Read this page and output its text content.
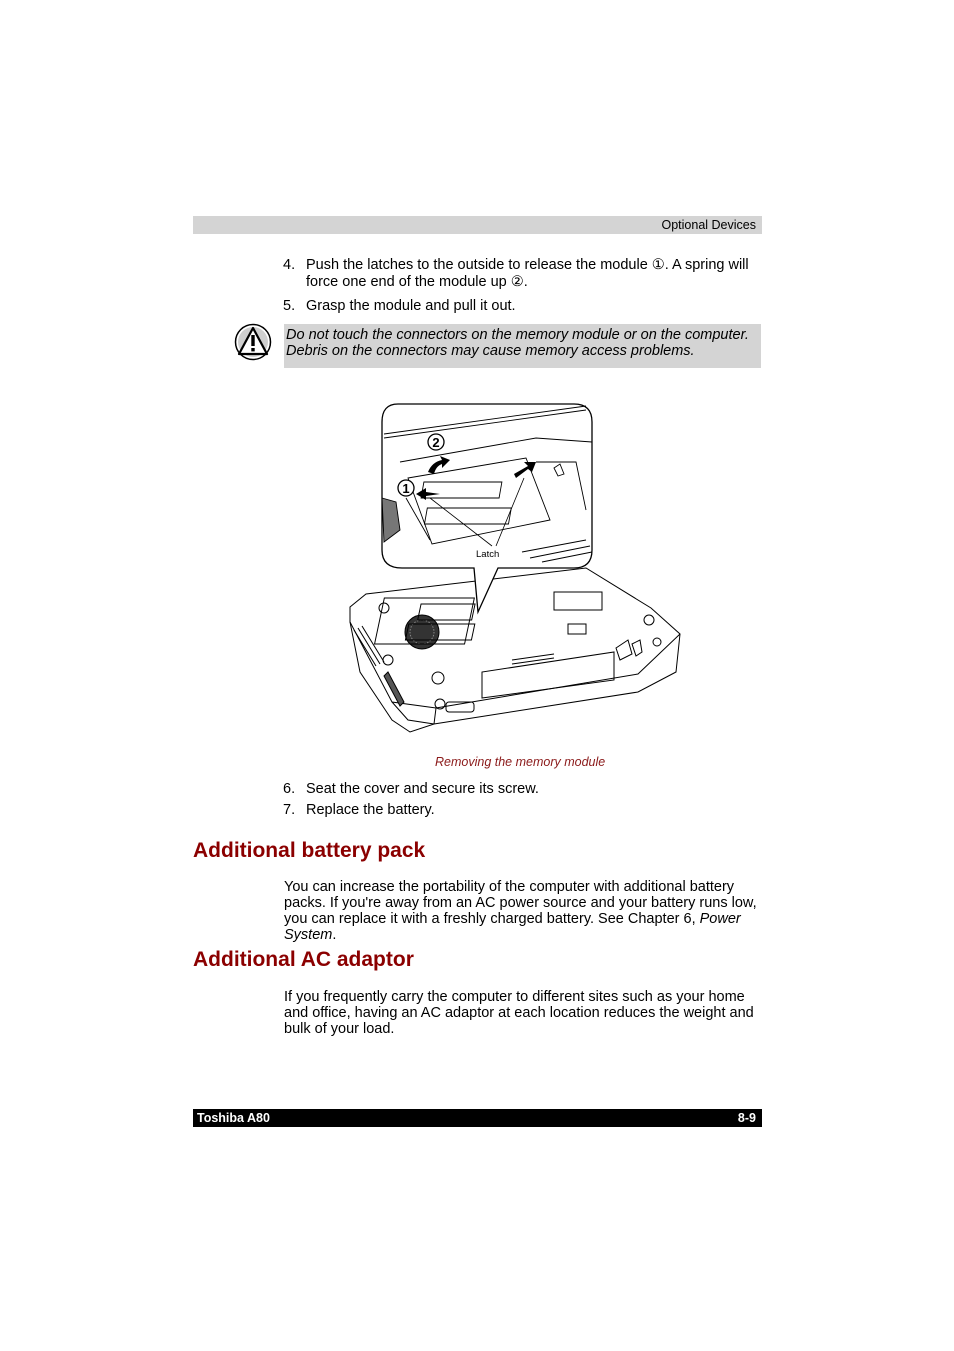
Optional Devices
4. Push the latches to the outside to release the module ①. A spring will force one end of the module up ②.
5. Grasp the module and pull it out.
Do not touch the connectors on the memory module or on the computer. Debris on the connectors may cause memory access problems.
2
1
Latch
Removing the memory module
6. Seat the cover and secure its screw.
7. Replace the battery.
Additional battery pack
You can increase the portability of the computer with additional battery packs. If you're away from an AC power source and your battery runs low, you can replace it with a freshly charged battery. See Chapter 6, Power System.
Additional AC adaptor
If you frequently carry the computer to different sites such as your home and office, having an AC adaptor at each location reduces the weight and bulk of your load.
Toshiba A80	8-9
